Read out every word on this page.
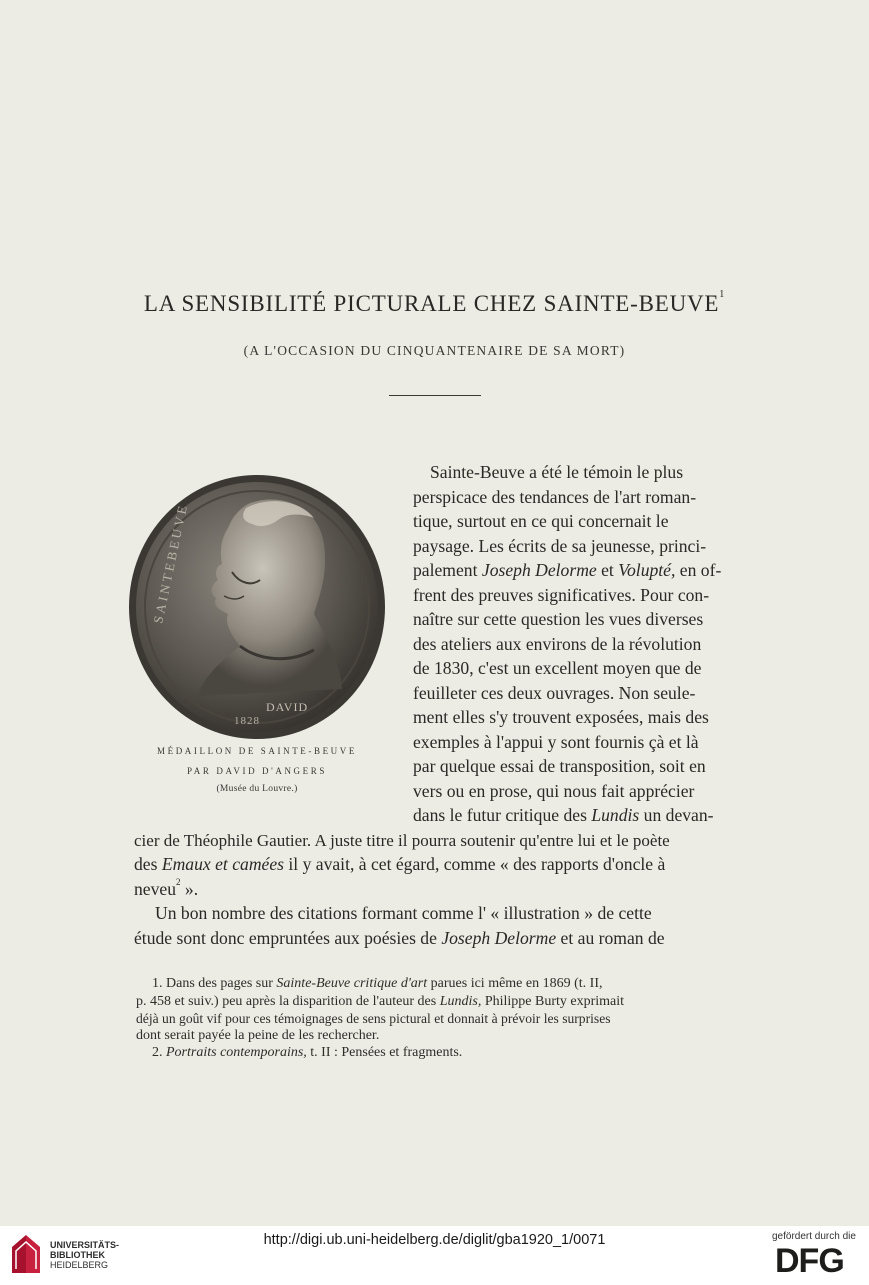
LA SENSIBILITÉ PICTURALE CHEZ SAINTE-BEUVE$^1$
(A L'OCCASION DU CINQUANTENAIRE DE SA MORT)
SAINTEBEUVE
DAVID
1828
MÉDAILLON DE SAINTE-BEUVE
PAR DAVID D'ANGERS
(Musée du Louvre.)
Sainte-Beuve a été le témoin le plus
perspicace des tendances de l'art roman-
tique, surtout en ce qui concernait le
paysage. Les écrits de sa jeunesse, princi-
palement Joseph Delorme et Volupté, en of-
frent des preuves significatives. Pour con-
naître sur cette question les vues diverses
des ateliers aux environs de la révolution
de 1830, c'est un excellent moyen que de
feuilleter ces deux ouvrages. Non seule-
ment elles s'y trouvent exposées, mais des
exemples à l'appui y sont fournis çà et là
par quelque essai de transposition, soit en
vers ou en prose, qui nous fait apprécier
dans le futur critique des Lundis un devan-
cier de Théophile Gautier. A juste titre il pourra soutenir qu'entre lui et le poète
des Emaux et camées il y avait, à cet égard, comme « des rapports d'oncle à
neveu$^2$ ».
Un bon nombre des citations formant comme l' « illustration » de cette
étude sont donc empruntées aux poésies de Joseph Delorme et au roman de
1. Dans des pages sur Sainte-Beuve critique d'art parues ici même en 1869 (t. II,
p. 458 et suiv.) peu après la disparition de l'auteur des Lundis, Philippe Burty exprimait
déjà un goût vif pour ces témoignages de sens pictural et donnait à prévoir les surprises
dont serait payée la peine de les rechercher.
2. Portraits contemporains, t. II : Pensées et fragments.
UNIVERSITÄTS-
BIBLIOTHEK
HEIDELBERG
http://digi.ub.uni-heidelberg.de/diglit/gba1920_1/0071	gefördert durch die
DFG
